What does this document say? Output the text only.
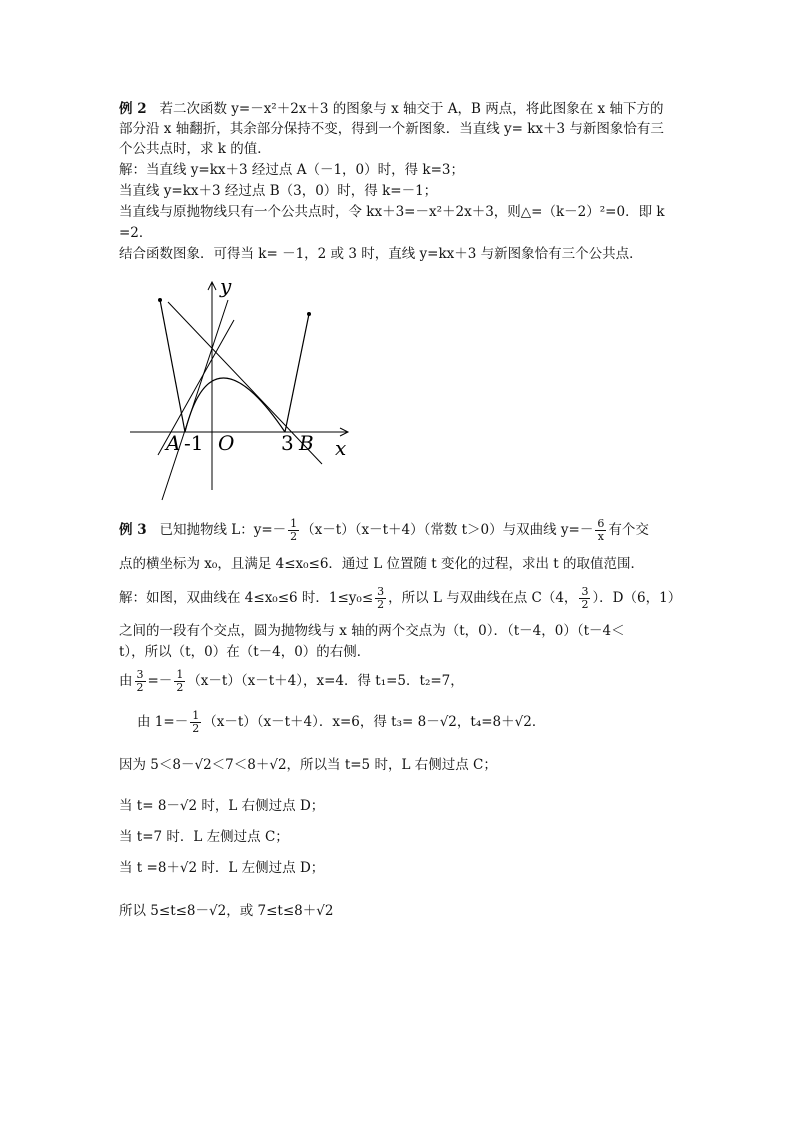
例 2 若二次函数 y=－x²＋2x＋3 的图象与 x 轴交于 A，B 两点，将此图象在 x 轴下方的
部分沿 x 轴翻折，其余部分保持不变，得到一个新图象．当直线 y= kx＋3 与新图象恰有三
个公共点时，求 k 的值．
解：当直线 y=kx＋3 经过点 A（－1，0）时，得 k=3；
当直线 y=kx＋3 经过点 B（3，0）时，得 k=－1；
当直线与原抛物线只有一个公共点时，令 kx＋3=－x²＋2x＋3，则△=（k－2）²=0．即 k
=2．
结合函数图象．可得当 k= －1，2 或 3 时，直线 y=kx＋3 与新图象恰有三个公共点．
y
x
A -1 O 3 B
例 3 已知抛物线 L：$y=- \frac{1}{2} (x-t)(x-t+4)$（常数 t＞0）与双曲线 $y=- \frac{6}{x}$ 有个交
点的横坐标为 x₀，且满足 4≤x₀≤6．通过 L 位置随 t 变化的过程，求出 t 的取值范围．
解：如图，双曲线在 4≤x₀≤6 时．$1\le y_0\le \frac{3}{2}$ ，所以 L 与双曲线在点 C（4， $\frac{3}{2}$ ）．D（6，1）
之间的一段有个交点，圆为抛物线与 x 轴的两个交点为（t，0）．（t－4，0）（t－4＜
t），所以（t，0）在（t－4，0）的右侧．
由 $\frac{3}{2} =- \frac{1}{2} (x-t)(x-t+4)$，x=4．得 t₁=5．t₂=7，
由 $1=- \frac{1}{2} (x-t)(x-t+4)$．x=6，得 t₃= 8－√2，t₄=8＋√2．
因为 5＜8－√2＜7＜8＋√2，所以当 t=5 时，L 右侧过点 C；
当 t= 8－√2 时，L 右侧过点 D；
当 t=7 时．L 左侧过点 C；
当 t =8＋√2 时．L 左侧过点 D；
所以 5≤t≤8－√2，或 7≤t≤8＋√2
